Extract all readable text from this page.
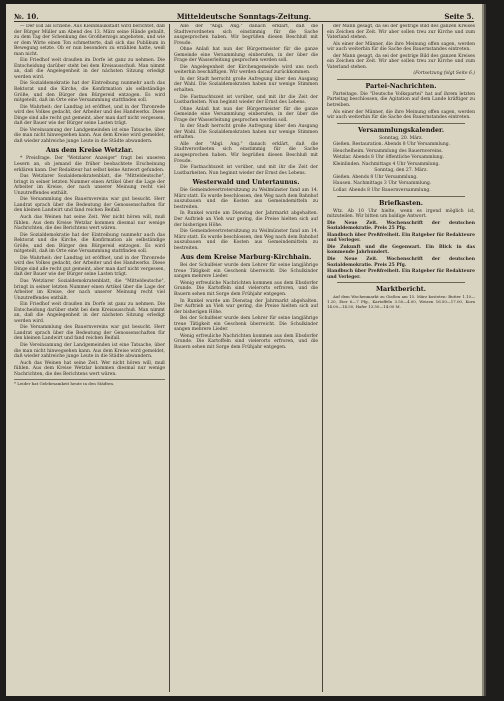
№. 10.	Mitteldeutsche Sonntags-Zeitung.	Seite 5.

— Der Eid als Erziehe. Aus Kleinblaukstadt wird berichtet, daß der Bürger Müller am Abend des 13. März seine Hände geballt, zu dem Tag der Schenkung des Großherzogs angeboten, und wie er dem Wirte einen Ton schmetterte, daß sich das Publikum in Bewegung setzte. Ob er nun besonders zu erzählen hatte, weiß man nicht.

Ein Friedhof weit draußen im Dorfe ist ganz zu nehmen. Die Entscheidung darüber steht bei dem Kreisausschuß. Man nimmt an, daß die Angelegenheit in der nächsten Sitzung erledigt werden wird.

Die Sozialdemokratie hat der Eintreibung nunmehr auch das Rektorat und die Kirche, die Konfirmation als selbständige Größe, und den Bürger den Bürgereid entzogen. Es wird mitgeteilt, daß im Orte eine Versammlung stattfinden soll.

Die Wahrheit: der Landtag ist eröffnet, und in der Thronrede wird des Volkes gedacht, der Arbeiter und des Handwerks. Diese Dinge sind alle recht gut gemeint, aber man darf nicht vergessen, daß der Bauer wie der Bürger seine Lasten trägt.

Die Vereinsamung der Landgemeinden ist eine Tatsache, über die man nicht hinwegsehen kann. Aus dem Kreise wird gemeldet, daß wieder zahlreiche junge Leute in die Städte abwandern.

Aus dem Kreise Wetzlar.

* Preisfrage. Der "Wetzlarer Anzeiger" fragt bei unseren Lesern an, ob jemand die früher beobachtete Erscheinung erklären kann. Der Redakteur hat selbst keine Antwort gefunden.

Das Wetzlarer Sozialdemokratenblatt, die "Mitteldeutsche", bringt in seiner letzten Nummer einen Artikel über die Lage der Arbeiter im Kreise, der nach unserer Meinung recht viel Unzutreffendes enthält.

Die Versammlung des Bauernvereins war gut besucht. Herr Landrat sprach über die Bedeutung der Genossenschaften für den kleinen Landwirt und fand reichen Beifall.

Auch das Weinen hat seine Zeit. Wer nicht hören will, muß fühlen. Aus dem Kreise Wetzlar kommen diesmal nur wenige Nachrichten, die des Berichtens wert wären.

Die Sozialdemokratie hat der Eintreibung nunmehr auch das Rektorat und die Kirche, die Konfirmation als selbständige Größe, und den Bürger den Bürgereid entzogen. Es wird mitgeteilt, daß im Orte eine Versammlung stattfinden soll.

Die Wahrheit: der Landtag ist eröffnet, und in der Thronrede wird des Volkes gedacht, der Arbeiter und des Handwerks. Diese Dinge sind alle recht gut gemeint, aber man darf nicht vergessen, daß der Bauer wie der Bürger seine Lasten trägt.

Das Wetzlarer Sozialdemokratenblatt, die "Mitteldeutsche", bringt in seiner letzten Nummer einen Artikel über die Lage der Arbeiter im Kreise, der nach unserer Meinung recht viel Unzutreffendes enthält.

Ein Friedhof weit draußen im Dorfe ist ganz zu nehmen. Die Entscheidung darüber steht bei dem Kreisausschuß. Man nimmt an, daß die Angelegenheit in der nächsten Sitzung erledigt werden wird.

Die Versammlung des Bauernvereins war gut besucht. Herr Landrat sprach über die Bedeutung der Genossenschaften für den kleinen Landwirt und fand reichen Beifall.

Die Vereinsamung der Landgemeinden ist eine Tatsache, über die man nicht hinwegsehen kann. Aus dem Kreise wird gemeldet, daß wieder zahlreiche junge Leute in die Städte abwandern.

Auch das Weinen hat seine Zeit. Wer nicht hören will, muß fühlen. Aus dem Kreise Wetzlar kommen diesmal nur wenige Nachrichten, die des Berichtens wert wären.

* Leider hat Gelehrsamkeit heute in den Städten.

Alle der "Abgl. Ang." danach erklärt, daß die Stadtverordneten sich einstimmig für die Sache ausgesprochen haben. Wir begrüßen diesen Beschluß mit Freude.

Ohne Anlaß hat nun der Bürgermeister für die ganze Gemeinde eine Versammlung einberufen, in der über die Frage der Wasserleitung gesprochen werden soll.

Die Angelegenheit der Kirchengemeinde wird uns noch weiterhin beschäftigen. Wir werden darauf zurückkommen.

In der Stadt herrscht große Aufregung über den Ausgang der Wahl. Die Sozialdemokraten haben nur wenige Stimmen erhalten.

Die Fastnachtszeit ist vorüber, und mit ihr die Zeit der Lustbarkeiten. Nun beginnt wieder der Ernst des Lebens.

Ohne Anlaß hat nun der Bürgermeister für die ganze Gemeinde eine Versammlung einberufen, in der über die Frage der Wasserleitung gesprochen werden soll.

In der Stadt herrscht große Aufregung über den Ausgang der Wahl. Die Sozialdemokraten haben nur wenige Stimmen erhalten.

Alle der "Abgl. Ang." danach erklärt, daß die Stadtverordneten sich einstimmig für die Sache ausgesprochen haben. Wir begrüßen diesen Beschluß mit Freude.

Die Fastnachtszeit ist vorüber, und mit ihr die Zeit der Lustbarkeiten. Nun beginnt wieder der Ernst des Lebens.

Westerwald und Untertaunus.

Die Gemeindevertretersitzung zu Weilmünster fand am 14. März statt. Es wurde beschlossen, den Weg nach dem Bahnhof auszubauen und die Kosten aus Gemeindemitteln zu bestreiten.

In Runkel wurde am Dienstag der Jahrmarkt abgehalten. Der Auftrieb an Vieh war gering, die Preise hielten sich auf der bisherigen Höhe.

Die Gemeindevertretersitzung zu Weilmünster fand am 14. März statt. Es wurde beschlossen, den Weg nach dem Bahnhof auszubauen und die Kosten aus Gemeindemitteln zu bestreiten.

Aus dem Kreise Marburg-Kirchhain.

Bei der Schulfeier wurde dem Lehrer für seine langjährige treue Tätigkeit ein Geschenk überreicht. Die Schulkinder sangen mehrere Lieder.

Wenig erfreuliche Nachrichten kommen aus dem Ebsdorfer Grunde. Die Kartoffeln sind vielerorts erfroren, und die Bauern sehen mit Sorge dem Frühjahr entgegen.

In Runkel wurde am Dienstag der Jahrmarkt abgehalten. Der Auftrieb an Vieh war gering, die Preise hielten sich auf der bisherigen Höhe.

Bei der Schulfeier wurde dem Lehrer für seine langjährige treue Tätigkeit ein Geschenk überreicht. Die Schulkinder sangen mehrere Lieder.

Wenig erfreuliche Nachrichten kommen aus dem Ebsdorfer Grunde. Die Kartoffeln sind vielerorts erfroren, und die Bauern sehen mit Sorge dem Frühjahr entgegen.

der Mann gesagt, da sei der gestrige Bild des ganzen Kreises ein Zeichen der Zeit. Wir aber sollen treu zur Kirche und zum Vaterland stehen.

Als einer der Männer, die ihre Meinung offen sagen, werden wir auch weiterhin für die Sache des Bauernstandes eintreten.

der Mann gesagt, da sei der gestrige Bild des ganzen Kreises ein Zeichen der Zeit. Wir aber sollen treu zur Kirche und zum Vaterland stehen.

(Fortsetzung folgt Seite 6.)

Partei-Nachrichten.

Parteitage. Die "Deutsche Volkspartei" hat auf ihrem letzten Parteitag beschlossen, die Agitation auf dem Lande kräftiger zu betreiben.

Als einer der Männer, die ihre Meinung offen sagen, werden wir auch weiterhin für die Sache des Bauernstandes eintreten.

Versammlungskalender.

Sonntag, 20. März.

Gießen. Restauration. Abends 8 Uhr Versammlung.

Heuchelheim. Versammlung des Bauernvereins.

Wetzlar. Abends 8 Uhr öffentliche Versammlung.

Kleinlinden. Nachmittags 4 Uhr Versammlung.

Sonntag, den 27. März.

Gießen. Abends 8 Uhr Versammlung.

Hausen. Nachmittags 3 Uhr Versammlung.

Lollar. Abends 8 Uhr Bauernversammlung.

Briefkasten.

Wtz. Ab 10 Uhr hielte, wenn es irgend möglich ist, mitzuteilen. Wir bitten um baldige Antwort.

Die Neue Zeit. Wochenschrift der deutschen Sozialdemokratie. Preis 25 Pfg.

Handbuch über Preßfreiheit. Ein Ratgeber für Redakteure und Verleger.

Die Zukunft und die Gegenwart. Ein Blick in das kommende Jahrhundert.

Die Neue Zeit. Wochenschrift der deutschen Sozialdemokratie. Preis 25 Pfg.

Handbuch über Preßfreiheit. Ein Ratgeber für Redakteure und Verleger.

Marktbericht.

Auf dem Wochenmarkt zu Gießen am 15. März kosteten: Butter 1.10—1.20, Eier 6—7 Pfg., Kartoffeln 3.50—4.00, Weizen 16.50—17.00, Korn 14.00—14.50, Hafer 13.50—14.00 M.
